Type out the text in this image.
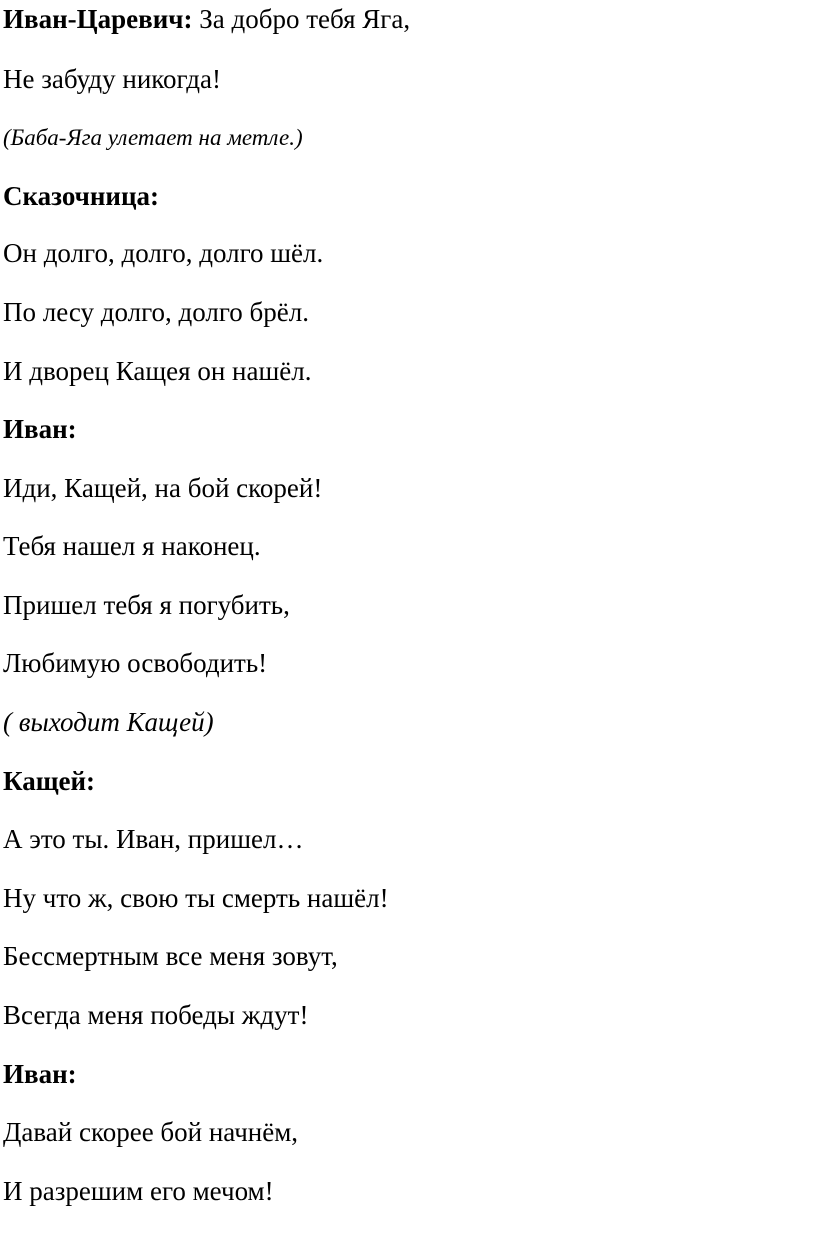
Иван-Царевич: За добро тебя Яга,
Не забуду никогда!
(Баба-Яга улетает на метле.)
Сказочница:
Он долго, долго, долго шёл.
По лесу долго, долго брёл.
И дворец Кащея он нашёл.
Иван:
Иди, Кащей, на бой скорей!
Тебя нашел я наконец.
Пришел тебя я погубить,
Любимую освободить!
( выходит Кащей)
Кащей:
А это ты. Иван, пришел…
Ну что ж, свою ты смерть нашёл!
Бессмертным все меня зовут,
Всегда меня победы ждут!
Иван:
Давай скорее бой начнём,
И разрешим его мечом!
